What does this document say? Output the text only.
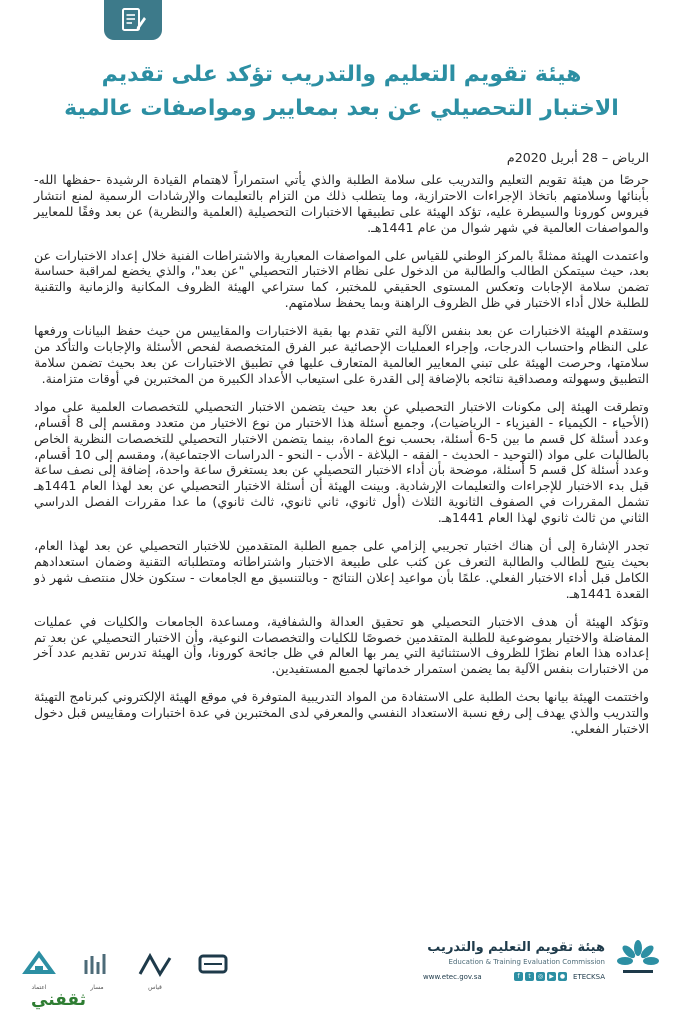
هيئة تقويم التعليم والتدريب تؤكد على تقديم
الاختبار التحصيلي عن بعد بمعايير ومواصفات عالمية
الرياض – 28 أبريل 2020م

حرصًا من هيئة تقويم التعليم والتدريب على سلامة الطلبة والذي يأتي استمراراً لاهتمام القيادة الرشيدة -حفظها الله- بأبنائها وسلامتهم باتخاذ الإجراءات الاحترازية، وما يتطلب ذلك من التزام بالتعليمات والإرشادات الرسمية لمنع انتشار فيروس كورونا والسيطرة عليه، تؤكد الهيئة على تطبيقها الاختبارات التحصيلية (العلمية والنظرية) عن بعد وفقًا للمعايير والمواصفات العالمية في شهر شوال من عام 1441هـ.

واعتمدت الهيئة ممثلةً بالمركز الوطني للقياس على المواصفات المعيارية والاشتراطات الفنية خلال إعداد الاختبارات عن بعد، حيث سيتمكن الطالب والطالبة من الدخول على نظام الاختبار التحصيلي "عن بعد"، والذي يخضع لمراقبة حساسة تضمن سلامة الإجابات وتعكس المستوى الحقيقي للمختبر، كما ستراعي الهيئة الظروف المكانية والزمانية والتقنية للطلبة خلال أداء الاختبار في ظل الظروف الراهنة وبما يحفظ سلامتهم.

وستقدم الهيئة الاختبارات عن بعد بنفس الآلية التي تقدم بها بقية الاختبارات والمقاييس من حيث حفظ البيانات ورفعها على النظام واحتساب الدرجات، وإجراء العمليات الإحصائية عبر الفرق المتخصصة لفحص الأسئلة والإجابات والتأكد من سلامتها، وحرصت الهيئة على تبني المعايير العالمية المتعارف عليها في تطبيق الاختبارات عن بعد بحيث تضمن سلامة التطبيق وسهولته ومصداقية نتائجه بالإضافة إلى القدرة على استيعاب الأعداد الكبيرة من المختبرين في أوقات متزامنة.

وتطرقت الهيئة إلى مكونات الاختبار التحصيلي عن بعد حيث يتضمن الاختبار التحصيلي للتخصصات العلمية على مواد (الأحياء - الكيمياء - الفيزياء - الرياضيات)، وجميع أسئلة هذا الاختبار من نوع الاختيار من متعدد ومقسم إلى 8 أقسام، وعدد أسئلة كل قسم ما بين 5-6 أسئلة، بحسب نوع المادة، بينما يتضمن الاختبار التحصيلي للتخصصات النظرية الخاص بالطالبات على مواد (التوحيد - الحديث - الفقه - البلاغة - الأدب - النحو - الدراسات الاجتماعية)، ومقسم إلى 10 أقسام، وعدد أسئلة كل قسم 5 أسئلة، موضحة بأن أداء الاختبار التحصيلي عن بعد يستغرق ساعة واحدة، إضافة إلى نصف ساعة قبل بدء الاختبار للإجراءات والتعليمات الإرشادية. وبينت الهيئة أن أسئلة الاختبار التحصيلي عن بعد لهذا العام 1441هـ تشمل المقررات في الصفوف الثانوية الثلاث (أول ثانوي، ثاني ثانوي، ثالث ثانوي) ما عدا مقررات الفصل الدراسي الثاني من ثالث ثانوي لهذا العام 1441هـ.

تجدر الإشارة إلى أن هناك اختبار تجريبي إلزامي على جميع الطلبة المتقدمين للاختبار التحصيلي عن بعد لهذا العام، بحيث يتيح للطالب والطالبة التعرف عن كثب على طبيعة الاختبار واشتراطاته ومتطلباته التقنية وضمان استعدادهم الكامل قبل أداء الاختبار الفعلي. علمًا بأن مواعيد إعلان النتائج - وبالتنسيق مع الجامعات - ستكون خلال منتصف شهر ذو القعدة 1441هـ.

وتؤكد الهيئة أن هدف الاختبار التحصيلي هو تحقيق العدالة والشفافية، ومساعدة الجامعات والكليات في عمليات المفاضلة والاختيار بموضوعية للطلبة المتقدمين خصوصًا للكليات والتخصصات النوعية، وأن الاختبار التحصيلي عن بعد تم إعداده هذا العام نظرًا للظروف الاستثنائية التي يمر بها العالم في ظل جائحة كورونا، وأن الهيئة تدرس تقديم عدد آخر من الاختبارات بنفس الآلية بما يضمن استمرار خدماتها لجميع المستفيدين.

واختتمت الهيئة بيانها بحث الطلبة على الاستفادة من المواد التدريبية المتوفرة في موقع الهيئة الإلكتروني كبرنامج التهيئة والتدريب والذي يهدف إلى رفع نسبة الاستعداد النفسي والمعرفي لدى المختبرين في عدة اختبارات ومقاييس قبل دخول الاختبار الفعلي.

هيئة تقويم التعليم والتدريب
Education & Training Evaluation Commission
f	t	◎	▶	● ETECKSA
www.etec.gov.sa
اعتماد	مسار	قياس
ثقفني
